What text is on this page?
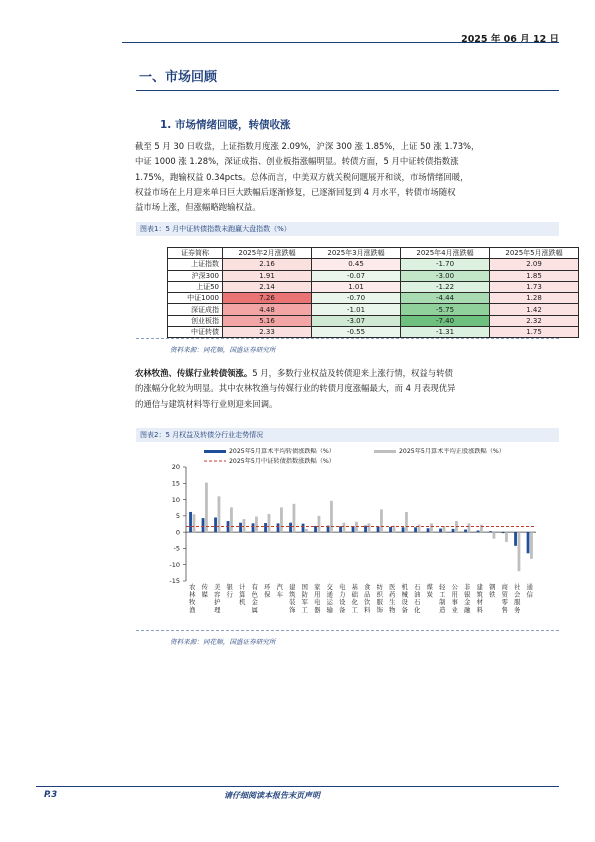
2025 年 06 月 12 日
一、市场回顾
1. 市场情绪回暖，转债收涨
截至 5 月 30 日收盘，上证指数月度涨 2.09%，沪深 300 涨 1.85%，上证 50 涨 1.73%，
中证 1000 涨 1.28%，深证成指、创业板指涨幅明显。转债方面，5 月中证转债指数涨
1.75%，跑输权益 0.34pcts。总体而言，中美双方就关税问题展开和谈，市场情绪回暖，
权益市场在上月迎来单日巨大跌幅后逐渐修复，已逐渐回复到 4 月水平，转债市场随权
益市场上涨，但涨幅略跑输权益。
图表1：5 月中证转债指数未跑赢大盘指数（%）
证券简称	2025年2月涨跌幅	2025年3月涨跌幅	2025年4月涨跌幅	2025年5月涨跌幅
上证指数	2.16	0.45	-1.70	2.09
沪深300	1.91	-0.07	-3.00	1.85
上证50	2.14	1.01	-1.22	1.73
中证1000	7.26	-0.70	-4.44	1.28
深证成指	4.48	-1.01	-5.75	1.42
创业板指	5.16	-3.07	-7.40	2.32
中证转债	2.33	-0.55	-1.31	1.75
资料来源：同花顺，国盛证券研究所
农林牧渔、传媒行业转债领涨。5 月，多数行业权益及转债迎来上涨行情，权益与转债
的涨幅分化较为明显。其中农林牧渔与传媒行业的转债月度涨幅最大，而 4 月表现优异
的通信与建筑材料等行业则迎来回调。
图表2：5 月权益及转债分行业走势情况
20
15
10
5
0
-5
-10
-15
农
林
牧
渔
传
媒
美
容
护
理
银
行
计
算
机
有
色
金
属
环
保
汽
车
建
筑
装
饰
国
防
军
工
家
用
电
器
交
通
运
输
电
力
设
备
基
础
化
工
食
品
饮
料
纺
织
服
饰
医
药
生
物
机
械
设
备
石
油
石
化
煤
炭
轻
工
制
造
公
用
事
业
非
银
金
融
建
筑
材
料
钢
铁
商
贸
零
售
社
会
服
务
通
信
2025年5月算术平均转债涨跌幅（%）	2025年5月算术平均正股涨跌幅（%）
2025年5月中证转债指数涨跌幅（%）
资料来源：同花顺，国盛证券研究所
P.3	请仔细阅读本报告末页声明
